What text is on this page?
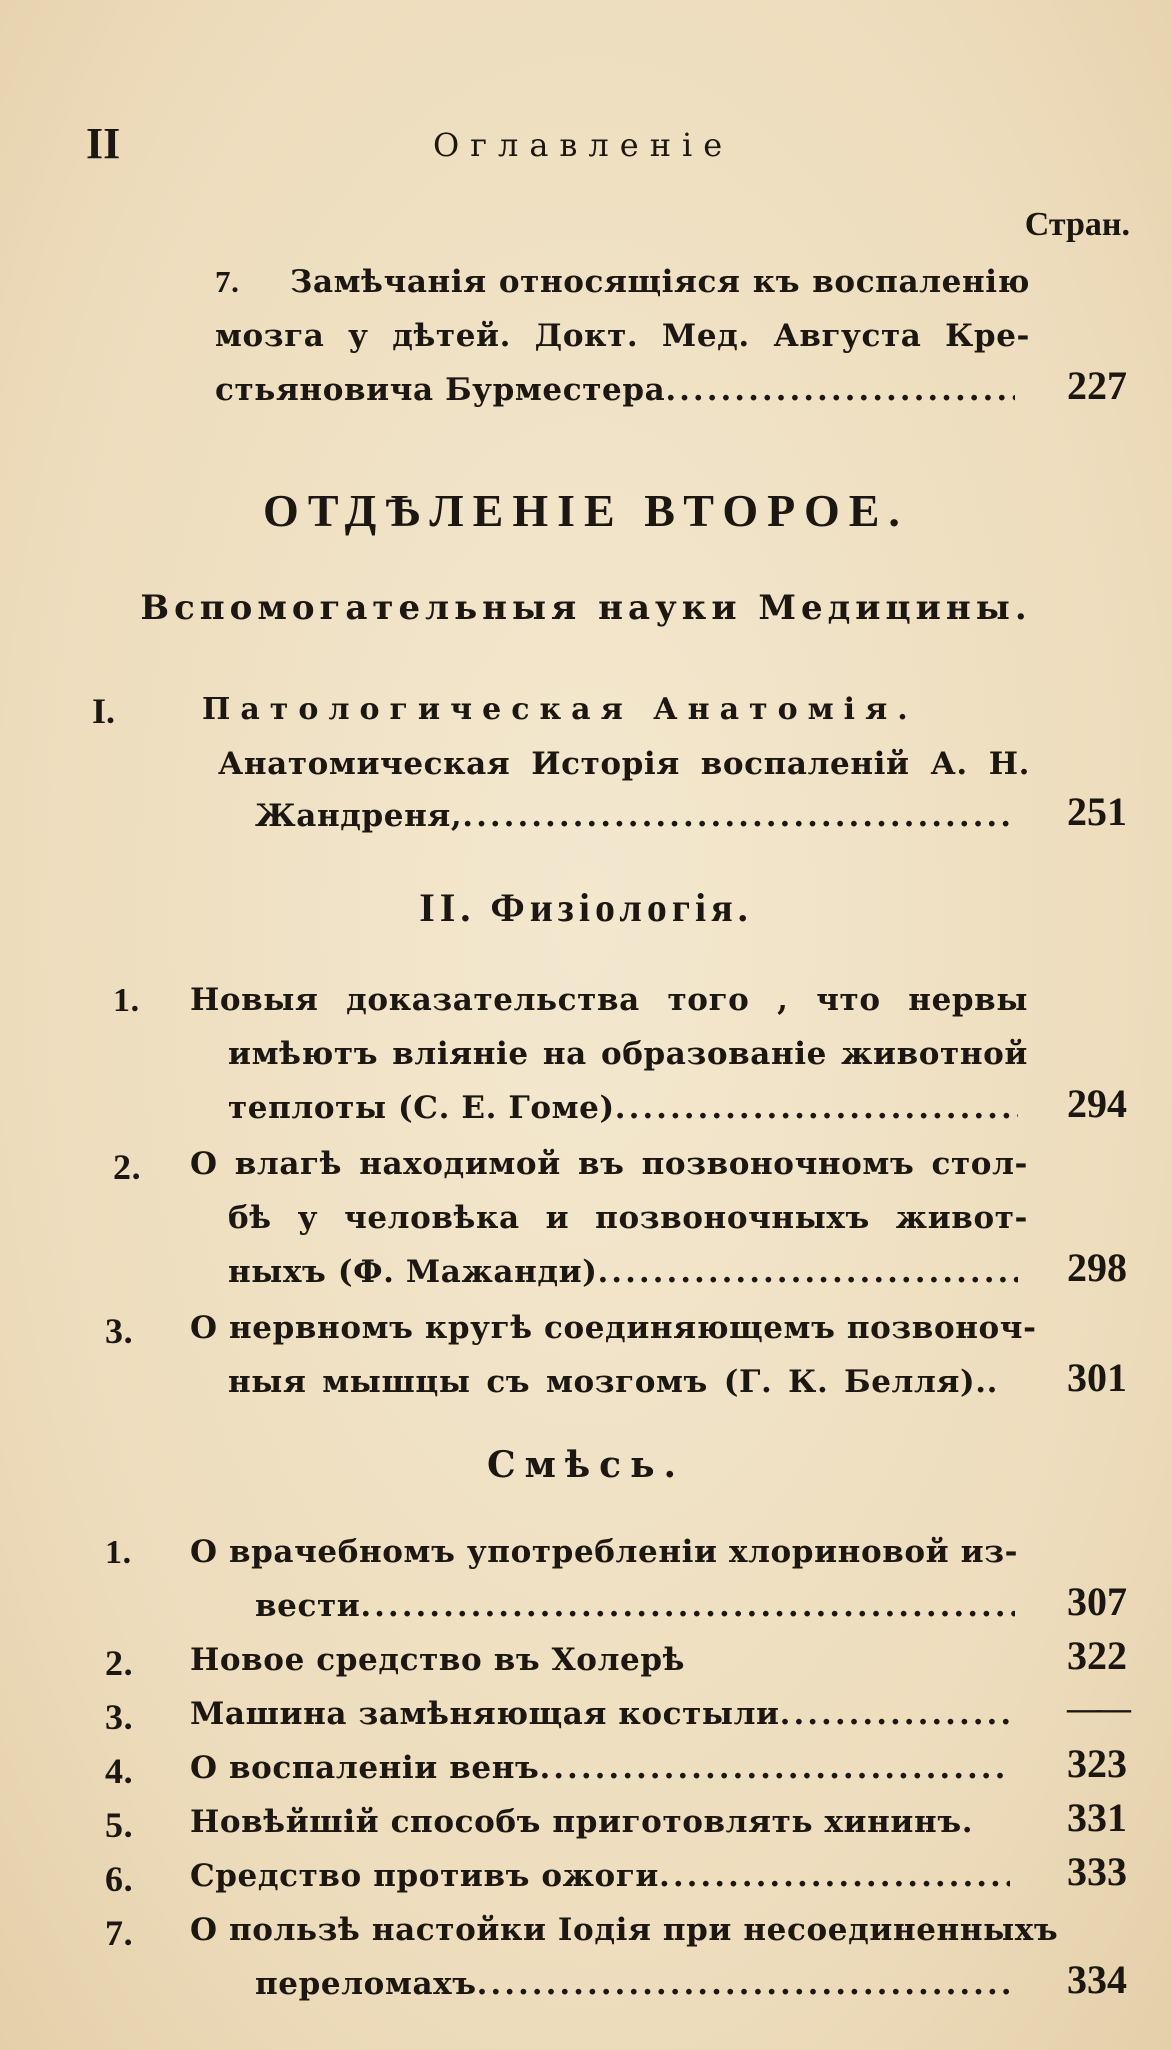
II	Оглавленіе
Стран.
7. Замѣчанія относящіяся къ воспаленію
мозга у дѣтей. Докт. Мед. Августа Кре-
стьяновича Бурместера .....	227
ОТДѢЛЕНІЕ ВТОРОЕ.
Вспомогательныя науки Медицины.
I.	Патологическая Анатомія.
Анатомическая Исторія воспаленій А. Н.
Жандреня, .....	251
II. Физіологія.
1. Новыя доказательства того , что нервы
имѣютъ вліяніе на образованіе животной
теплоты (С. Е. Гоме) .....	294
2. О влагѣ находимой въ позвоночномъ стол-
бѣ у человѣка и позвоночныхъ живот-
ныхъ (Ф. Мажанди) .....	298
3. О нервномъ кругѣ соединяющемъ позвоноч-
ныя мышцы съ мозгомъ (Г. К. Белля).. 301
Смѣсь.
1. О врачебномъ употребленіи хлориновой из-
вести .....	307
2. Новое средство въ Холерѣ	322
3. Машина замѣняющая костыли .....	——
4. О воспаленіи венъ .....	323
5. Новѣйшій способъ приготовлять хининъ. 331
6. Средство противъ ожоги .....	333
7. О пользѣ настойки Іодія при несоединенныхъ
переломахъ .....	334
